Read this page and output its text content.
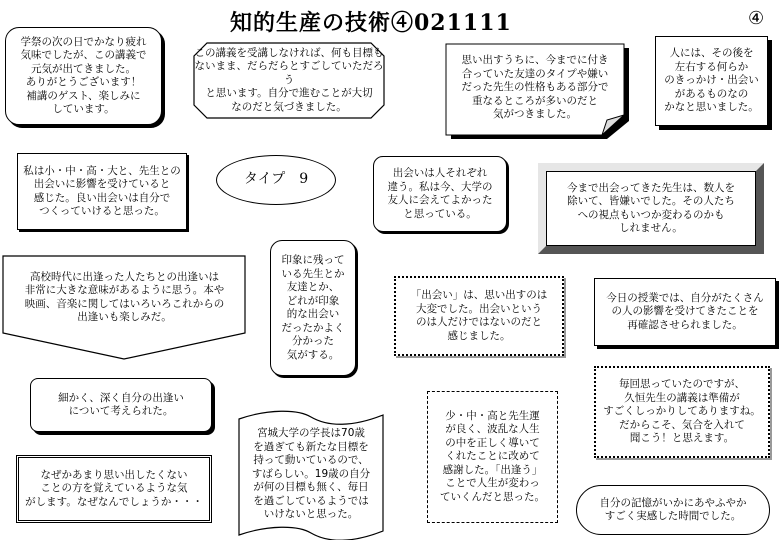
知的生産の技術④021111	④
学祭の次の日でかなり疲れ
気味でしたが、この講義で
元気が出てきました。
ありがとうございます！
補講のゲスト、楽しみに
しています。
この講義を受講しなければ、何も目標も
ないまま、だらだらとすごしていただろう
と思います。自分で進むことが大切
なのだと気づきました。
思い出すうちに、今までに付き
合っていた友達のタイプや嫌い
だった先生の性格もある部分で
重なるところが多いのだと
気がつきました。
人には、その後を
左右する何らか
のきっかけ・出会い
があるものなの
かなと思いました。
私は小・中・高・大と、先生との
出会いに影響を受けていると
感じた。良い出会いは自分で
つくっていけると思った。
タイプ　9	出会いは人それぞれ
違う。私は今、大学の
友人に会えてよかった
と思っている。
今まで出会ってきた先生は、数人を
除いて、皆嫌いでした。その人たち
への視点もいつか変わるのかも
しれません。
高校時代に出逢った人たちとの出逢いは
非常に大きな意味があるように思う。本や
映画、音楽に関してはいろいろこれからの
出逢いも楽しみだ。
印象に残って
いる先生とか
友達とか、
どれが印象
的な出会い
だったかよく
分かった
気がする。
「出会い」は、思い出すのは
大変でした。出会いという
のは人だけではないのだと
感じました。
今日の授業では、自分がたくさん
の人の影響を受けてきたことを
再確認させられました。
細かく、深く自分の出逢い
について考えられた。
宮城大学の学長は70歳
を過ぎても新たな目標を
持って動いているので、
すばらしい。19歳の自分
が何の目標も無く、毎日
を過ごしているようでは
いけないと思った。
少・中・高と先生運
が良く、波乱な人生
の中を正しく導いて
くれたことに改めて
感謝した。「出逢う」
ことで人生が変わっ
ていくんだと思った。
毎回思っていたのですが、
久恒先生の講義は準備が
すごくしっかりしてありますね。
だからこそ、気合を入れて
聞こう！と思えます。
なぜかあまり思い出したくない
ことの方を覚えているような気
がします。なぜなんでしょうか・・・	自分の記憶がいかにあやふやか
すごく実感した時間でした。
